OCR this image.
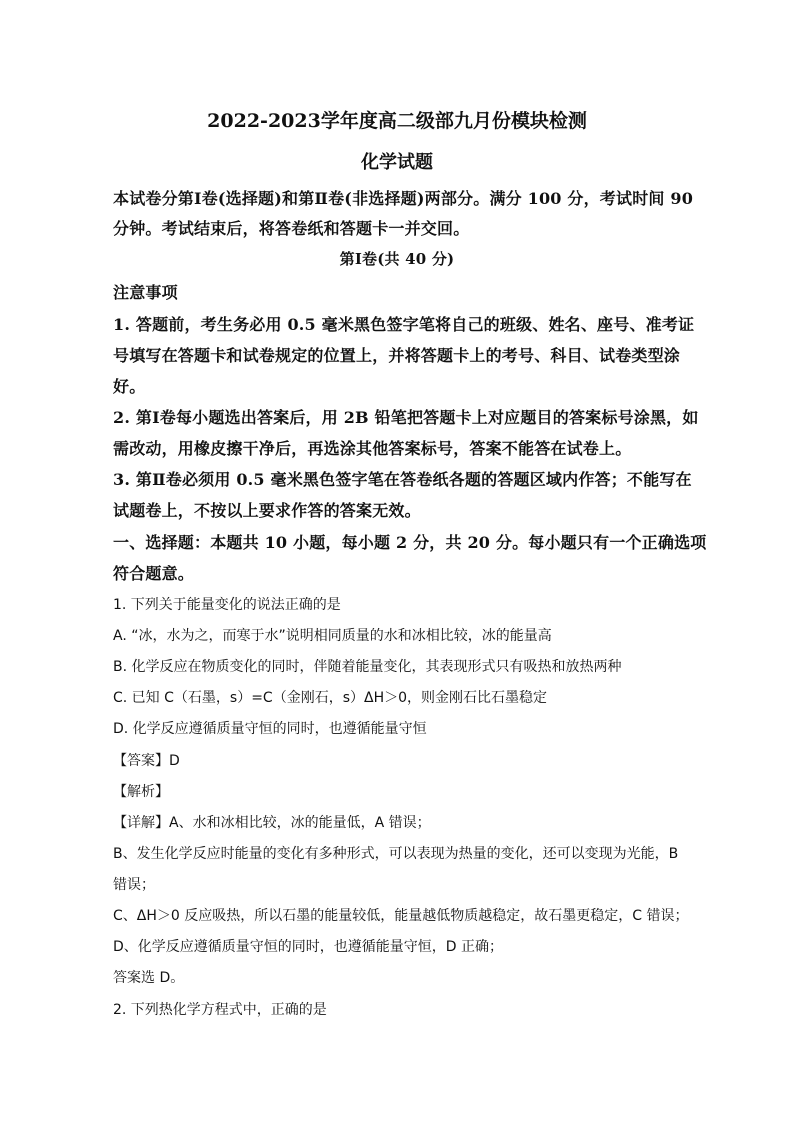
2022-2023学年度高二级部九月份模块检测
化学试题
本试卷分第Ⅰ卷(选择题)和第Ⅱ卷(非选择题)两部分。满分 100 分，考试时间 90
分钟。考试结束后，将答卷纸和答题卡一并交回。
第Ⅰ卷(共 40 分)
注意事项
1. 答题前，考生务必用 0.5 毫米黑色签字笔将自己的班级、姓名、座号、准考证
号填写在答题卡和试卷规定的位置上，并将答题卡上的考号、科目、试卷类型涂
好。
2. 第Ⅰ卷每小题选出答案后，用 2B 铅笔把答题卡上对应题目的答案标号涂黑，如
需改动，用橡皮擦干净后，再选涂其他答案标号，答案不能答在试卷上。
3. 第Ⅱ卷必须用 0.5 毫米黑色签字笔在答卷纸各题的答题区域内作答；不能写在
试题卷上，不按以上要求作答的答案无效。
一、选择题：本题共 10 小题，每小题 2 分，共 20 分。每小题只有一个正确选项
符合题意。
1. 下列关于能量变化的说法正确的是
A. “冰，水为之，而寒于水”说明相同质量的水和冰相比较，冰的能量高
B. 化学反应在物质变化的同时，伴随着能量变化，其表现形式只有吸热和放热两种
C. 已知 C（石墨，s）=C（金刚石，s）ΔH＞0，则金刚石比石墨稳定
D. 化学反应遵循质量守恒的同时，也遵循能量守恒
【答案】D
【解析】
【详解】A、水和冰相比较，冰的能量低，A 错误；
B、发生化学反应时能量的变化有多种形式，可以表现为热量的变化，还可以变现为光能，B
错误；
C、ΔH＞0 反应吸热，所以石墨的能量较低，能量越低物质越稳定，故石墨更稳定，C 错误；
D、化学反应遵循质量守恒的同时，也遵循能量守恒，D 正确；
答案选 D。
2. 下列热化学方程式中，正确的是
